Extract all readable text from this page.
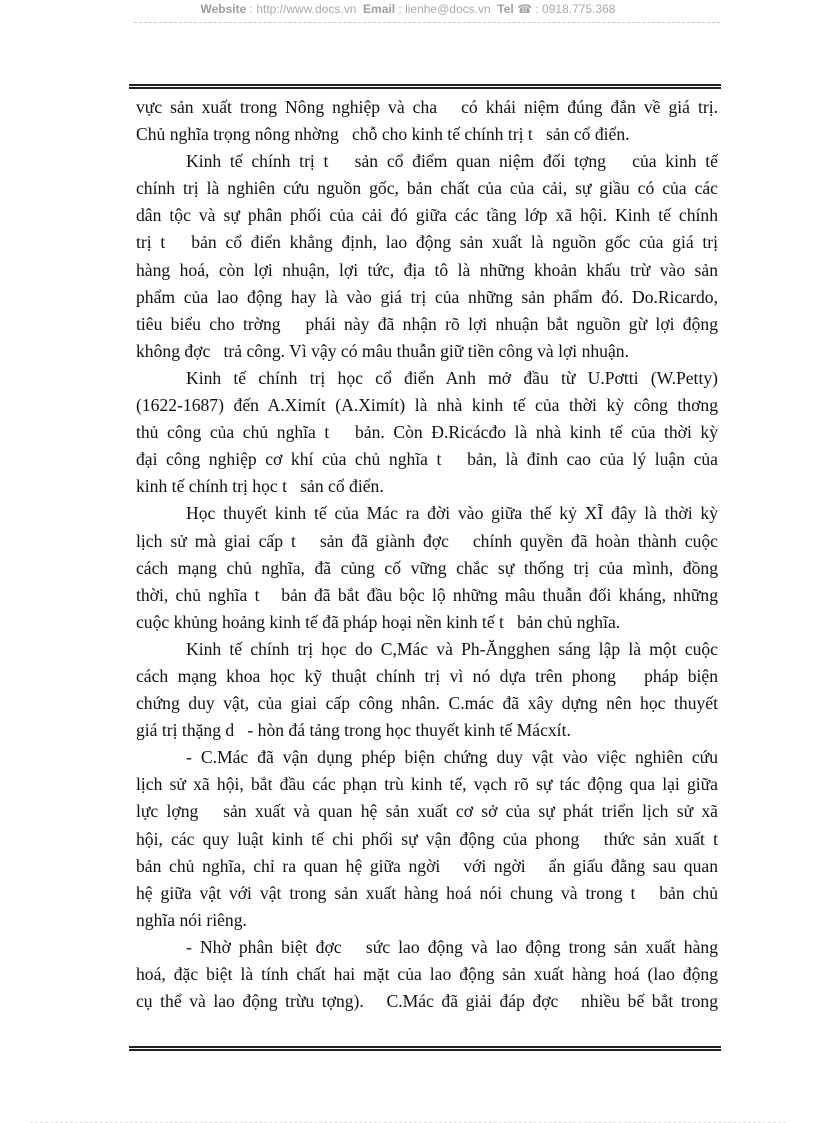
Website : http://www.docs.vn Email : lienhe@docs.vn Tel ☎ : 0918.775.368
vực sản xuất trong Nông nghiệp và cha   có khái niệm đúng đắn về giá trị.
Chủ nghĩa trọng nông nhờng   chỗ cho kinh tế chính trị t   sản cổ điển.
Kinh tế chính trị t   sản cổ điểm quan niệm đối tợng   của kinh tế
chính trị là nghiên cứu nguồn gốc, bản chất của của cải, sự giầu có của các
dân tộc và sự phân phối của cải đó giữa các tầng lớp xã hội. Kinh tế chính
trị t   bản cổ điển khẳng định, lao động sản xuất là nguồn gốc của giá trị
hàng hoá, còn lợi nhuận, lợi tức, địa tô là những khoản khấu trừ vào sản
phẩm của lao động hay là vào giá trị của những sản phẩm đó. Do.Ricardo,
tiêu biểu cho trờng   phái này đã nhận rõ lợi nhuận bắt nguồn gừ lợi động
không đợc   trả công. Vì vậy có mâu thuẫn giữ tiền công và lợi nhuận.
Kinh tế chính trị học cổ điển Anh mở đầu từ U.Pơtti (W.Petty)
(1622-1687) đến A.Ximít (A.Ximít) là nhà kinh tế của thời kỳ công thơng
thủ công của chủ nghĩa t   bản. Còn Đ.Ricácđo là nhà kinh tế của thời kỳ
đại công nghiệp cơ khí của chủ nghĩa t   bản, là đỉnh cao của lý luận của
kinh tế chính trị học t   sản cổ điển.
Học thuyết kinh tế của Mác ra đời vào giữa thế kỷ XĨ đây là thời kỳ
lịch sử mà giai cấp t   sản đã giành đợc   chính quyền đã hoàn thành cuộc
cách mạng chủ nghĩa, đã củng cố vững chắc sự thống trị của mình, đồng
thời, chủ nghĩa t   bản đã bắt đầu bộc lộ những mâu thuẫn đối kháng, những
cuộc khủng hoảng kinh tế đã pháp hoại nền kinh tế t   bản chủ nghĩa.
Kinh tế chính trị học do C,Mác và Ph-Ăngghen sáng lập là một cuộc
cách mạng khoa học kỹ thuật chính trị vì nó dựa trên phong   pháp biện
chứng duy vật, của giai cấp công nhân. C.mác đã xây dựng nên học thuyết
giá trị thặng d   - hòn đá tảng trong học thuyết kinh tế Mácxít.
- C.Mác đã vận dụng phép biện chứng duy vật vào việc nghiên cứu
lịch sử xã hội, bắt đầu các phạn trù kinh tế, vạch rõ sự tác động qua lại giữa
lực lợng   sản xuất và quan hệ sản xuất cơ sở của sự phát triển lịch sử xã
hội, các quy luật kinh tế chi phối sự vận động của phong   thức sản xuất t
bản chủ nghĩa, chỉ ra quan hệ giữa ngời   với ngời   ẩn giấu đằng sau quan
hệ giữa vật với vật trong sản xuất hàng hoá nói chung và trong t   bản chủ
nghĩa nói riêng.
- Nhờ phân biệt đợc   sức lao động và lao động trong sản xuất hàng
hoá, đặc biệt là tính chất hai mặt của lao động sản xuất hàng hoá (lao động
cụ thể và lao động trừu tợng).   C.Mác đã giải đáp đợc   nhiều bế bắt trong
